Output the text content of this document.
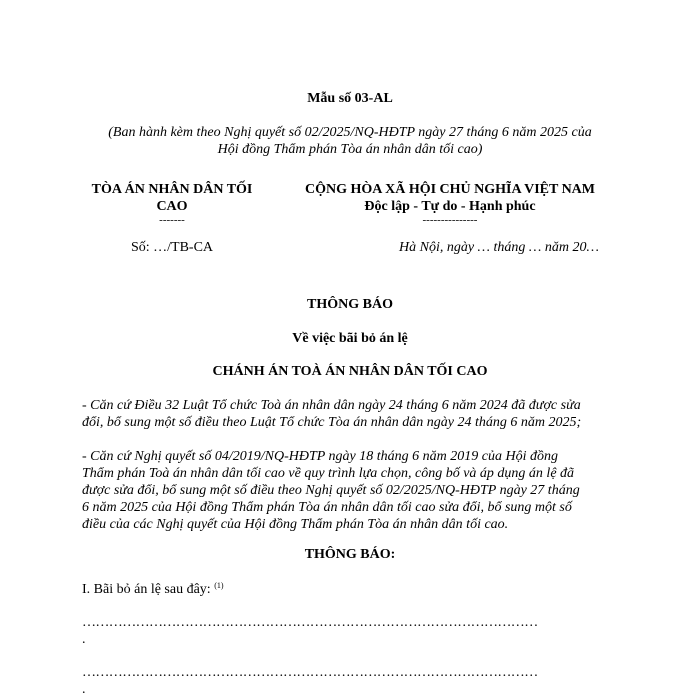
Mẫu số 03-AL
(Ban hành kèm theo Nghị quyết số 02/2025/NQ-HĐTP ngày 27 tháng 6 năm 2025 của
Hội đồng Thẩm phán Tòa án nhân dân tối cao)
TÒA ÁN NHÂN DÂN TỐI
CAO
-------
Số: …/TB-CA
CỘNG HÒA XÃ HỘI CHỦ NGHĨA VIỆT NAM
Độc lập - Tự do - Hạnh phúc
---------------
Hà Nội, ngày … tháng … năm 20…
THÔNG BÁO
Về việc bãi bỏ án lệ
CHÁNH ÁN TOÀ ÁN NHÂN DÂN TỐI CAO
- Căn cứ Điều 32 Luật Tổ chức Toà án nhân dân ngày 24 tháng 6 năm 2024 đã được sửa
đổi, bổ sung một số điều theo Luật Tổ chức Tòa án nhân dân ngày 24 tháng 6 năm 2025;
- Căn cứ Nghị quyết số 04/2019/NQ-HĐTP ngày 18 tháng 6 năm 2019 của Hội đồng
Thẩm phán Toà án nhân dân tối cao về quy trình lựa chọn, công bố và áp dụng án lệ đã
được sửa đổi, bổ sung một số điều theo Nghị quyết số 02/2025/NQ-HĐTP ngày 27 tháng
6 năm 2025 của Hội đồng Thẩm phán Tòa án nhân dân tối cao sửa đổi, bổ sung một số
điều của các Nghị quyết của Hội đồng Thẩm phán Tòa án nhân dân tối cao.
THÔNG BÁO:
I. Bãi bỏ án lệ sau đây: $^{(1)}$
…………………………………………………………………………………………
.
…………………………………………………………………………………………
.
